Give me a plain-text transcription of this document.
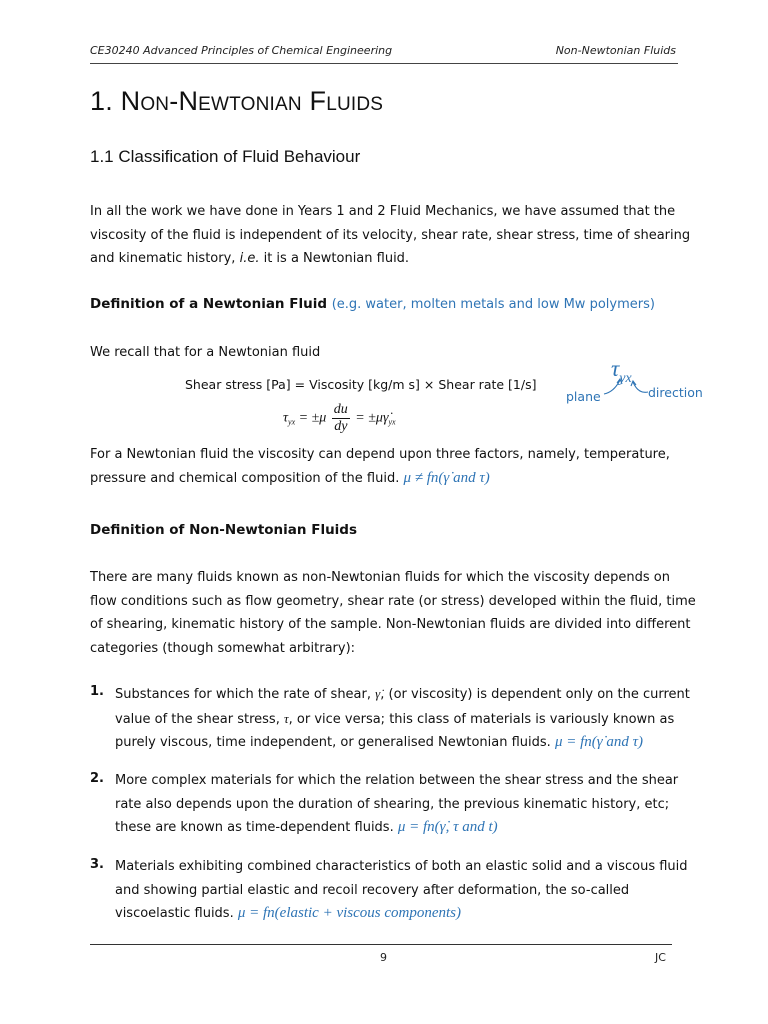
CE30240 Advanced Principles of Chemical Engineering	Non-Newtonian Fluids
1. NON-NEWTONIAN FLUIDS
1.1 Classification of Fluid Behaviour
In all the work we have done in Years 1 and 2 Fluid Mechanics, we have assumed that the
viscosity of the fluid is independent of its velocity, shear rate, shear stress, time of shearing
and kinematic history, i.e. it is a Newtonian fluid.
Definition of a Newtonian Fluid (e.g. water, molten metals and low Mw polymers)
We recall that for a Newtonian fluid
Shear stress [Pa] = Viscosity [kg/m s] × Shear rate [1/s]
$\tau_{yx} = \pm\mu \frac{du}{dy}$ = $\pm\mu\gammȧ_{yx}$
$\tau_{yx}$
plane	direction
For a Newtonian fluid the viscosity can depend upon three factors, namely, temperature,
pressure and chemical composition of the fluid. μ ≠ fn(γ̇ and τ)
Definition of Non-Newtonian Fluids
There are many fluids known as non-Newtonian fluids for which the viscosity depends on
flow conditions such as flow geometry, shear rate (or stress) developed within the fluid, time
of shearing, kinematic history of the sample. Non-Newtonian fluids are divided into different
categories (though somewhat arbitrary):
1. Substances for which the rate of shear, γ̇, (or viscosity) is dependent only on the current
value of the shear stress, τ, or vice versa; this class of materials is variously known as
purely viscous, time independent, or generalised Newtonian fluids. μ = fn(γ̇ and τ)
2. More complex materials for which the relation between the shear stress and the shear
rate also depends upon the duration of shearing, the previous kinematic history, etc;
these are known as time-dependent fluids. μ = fn(γ̇, τ and t)
3. Materials exhibiting combined characteristics of both an elastic solid and a viscous fluid
and showing partial elastic and recoil recovery after deformation, the so-called
viscoelastic fluids. μ = fn(elastic + viscous components)
9	JC
